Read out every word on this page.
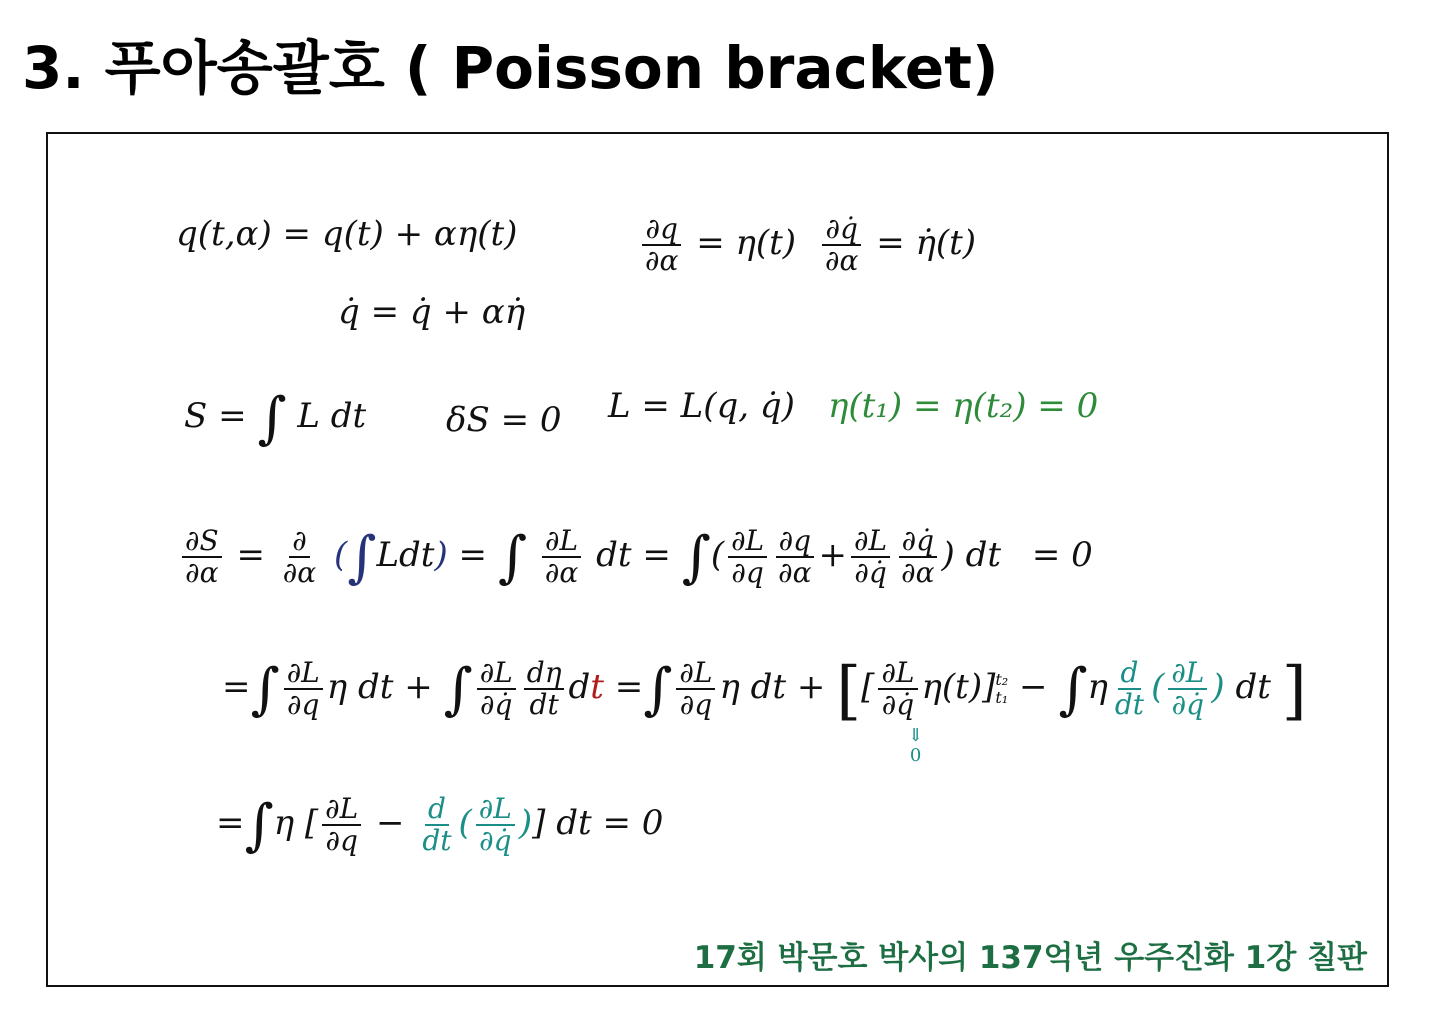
3. 푸아송괄호 ( Poisson bracket)
q(t,α) = q(t) + αη(t)	$\frac{\partial q}{\partial\alpha} = \eta(t) \frac{\partial q̇}{\partial\alpha}$ = η̇(t)
q̇ = q̇ + αη̇
S = ∫ L dt δS = 0 L = L(q, q̇) η(t₁) = η(t₂) = 0
$\frac{\partial S}{\partial\alpha} = \frac{\partial}{\partial\alpha} (\int Ldt)$ = ∫ $\frac{\partial L}{\partial\alpha}$ dt = ∫( $\frac{\partial L}{\partial q} \frac{\partial q}{\partial\alpha} + \frac{\partial L}{\partial q̇} \frac{\partial q̇}{\partial\alpha}$ ) dt = 0
=∫ $\frac{\partial L}{\partial q}$ η dt + ∫ $\frac{\partial L}{\partial q̇} \frac{d\eta}{dt}$ dt =∫ $\frac{\partial L}{\partial q}$ η dt + [[ $\frac{\partial L}{\partial q̇} \eta(t)$] t₂
$t_1 - \int\eta \frac{d}{dt}$ ( $\frac{\partial L}{\partial q̇}$ ) dt ]
⇓
0
=∫η [ $\frac{\partial L}{\partial q} - \frac{d}{dt}$ ( $\frac{\partial L}{\partial q̇}$ )] dt = 0

17회 박문호 박사의 137억년 우주진화 1강 칠판
